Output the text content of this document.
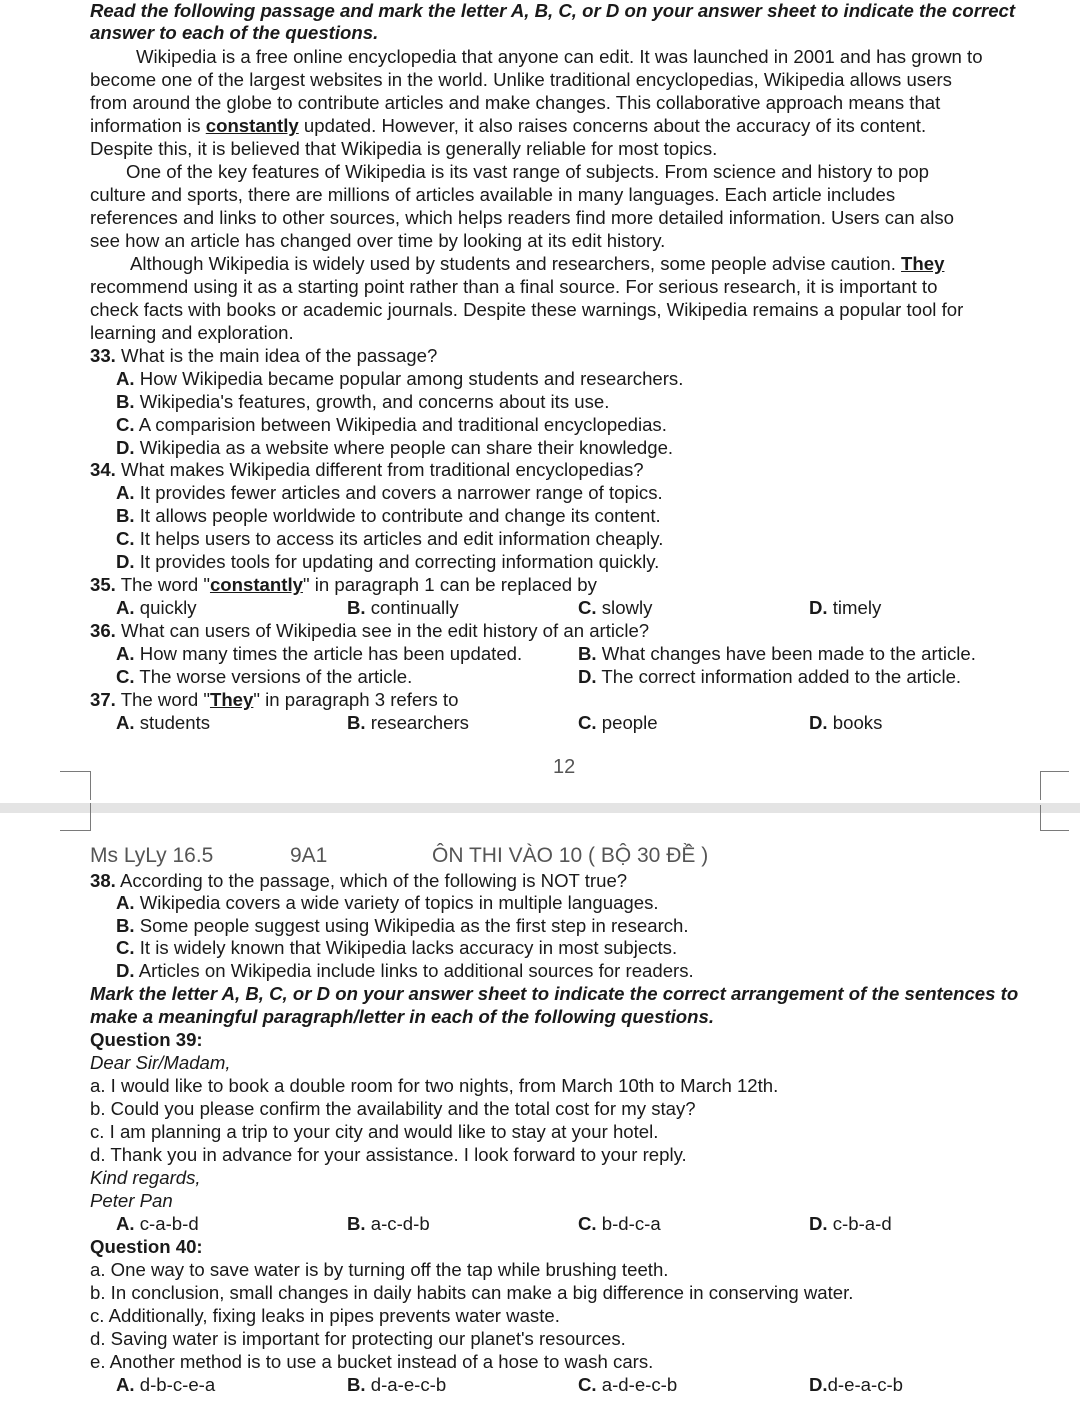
Read the following passage and mark the letter A, B, C, or D on your answer sheet to indicate the correct
answer to each of the questions.
Wikipedia is a free online encyclopedia that anyone can edit. It was launched in 2001 and has grown to
become one of the largest websites in the world. Unlike traditional encyclopedias, Wikipedia allows users
from around the globe to contribute articles and make changes. This collaborative approach means that
information is constantly updated. However, it also raises concerns about the accuracy of its content.
Despite this, it is believed that Wikipedia is generally reliable for most topics.
One of the key features of Wikipedia is its vast range of subjects. From science and history to pop
culture and sports, there are millions of articles available in many languages. Each article includes
references and links to other sources, which helps readers find more detailed information. Users can also
see how an article has changed over time by looking at its edit history.
Although Wikipedia is widely used by students and researchers, some people advise caution. They
recommend using it as a starting point rather than a final source. For serious research, it is important to
check facts with books or academic journals. Despite these warnings, Wikipedia remains a popular tool for
learning and exploration.
33. What is the main idea of the passage?
A. How Wikipedia became popular among students and researchers.
B. Wikipedia's features, growth, and concerns about its use.
C. A comparision between Wikipedia and traditional encyclopedias.
D. Wikipedia as a website where people can share their knowledge.
34. What makes Wikipedia different from traditional encyclopedias?
A. It provides fewer articles and covers a narrower range of topics.
B. It allows people worldwide to contribute and change its content.
C. It helps users to access its articles and edit information cheaply.
D. It provides tools for updating and correcting information quickly.
35. The word "constantly" in paragraph 1 can be replaced by
A. quickly	B. continually	C. slowly	D. timely
36. What can users of Wikipedia see in the edit history of an article?
A. How many times the article has been updated.	B. What changes have been made to the article.
C. The worse versions of the article.	D. The correct information added to the article.
37. The word "They" in paragraph 3 refers to
A. students	B. researchers	C. people	D. books
12
Ms LyLy 16.5	9A1	ÔN THI VÀO 10 ( BỘ 30 ĐỀ )
38. According to the passage, which of the following is NOT true?
A. Wikipedia covers a wide variety of topics in multiple languages.
B. Some people suggest using Wikipedia as the first step in research.
C. It is widely known that Wikipedia lacks accuracy in most subjects.
D. Articles on Wikipedia include links to additional sources for readers.
Mark the letter A, B, C, or D on your answer sheet to indicate the correct arrangement of the sentences to
make a meaningful paragraph/letter in each of the following questions.
Question 39:
Dear Sir/Madam,
a. I would like to book a double room for two nights, from March 10th to March 12th.
b. Could you please confirm the availability and the total cost for my stay?
c. I am planning a trip to your city and would like to stay at your hotel.
d. Thank you in advance for your assistance. I look forward to your reply.
Kind regards,
Peter Pan
A. c-a-b-d	B. a-c-d-b	C. b-d-c-a	D. c-b-a-d
Question 40:
a. One way to save water is by turning off the tap while brushing teeth.
b. In conclusion, small changes in daily habits can make a big difference in conserving water.
c. Additionally, fixing leaks in pipes prevents water waste.
d. Saving water is important for protecting our planet's resources.
e. Another method is to use a bucket instead of a hose to wash cars.
A. d-b-c-e-a	B. d-a-e-c-b	C. a-d-e-c-b	D.d-e-a-c-b
